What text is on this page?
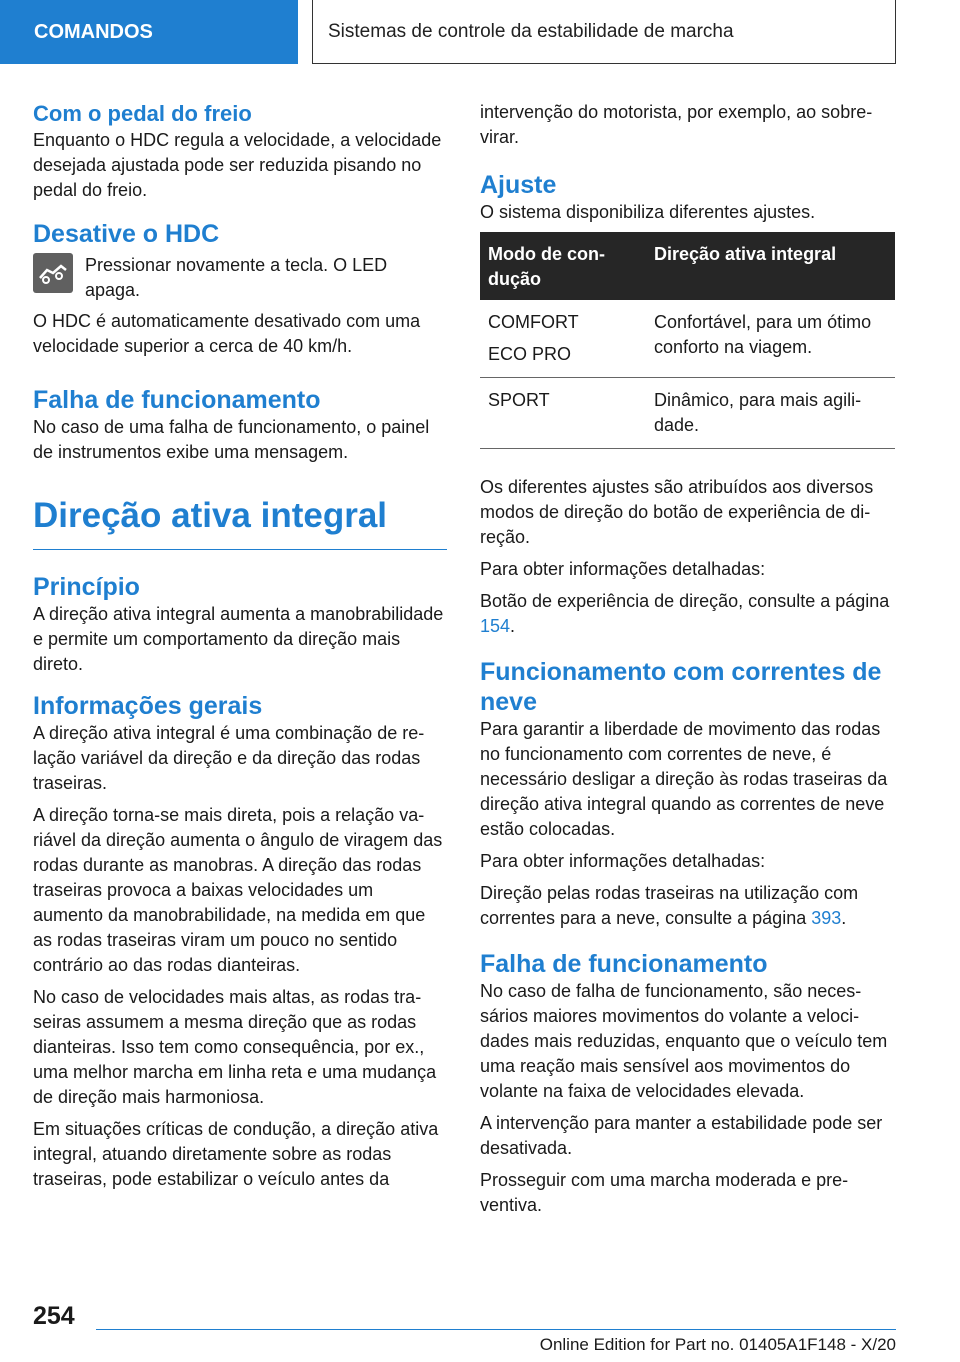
COMANDOS	Sistemas de controle da estabilidade de marcha
Com o pedal do freio

Enquanto o HDC regula a velocidade, a velocidade desejada ajustada pode ser reduzida pisando no pedal do freio.

Desative o HDC

Pressionar novamente a tecla. O LED apaga.

O HDC é automaticamente desativado com uma velocidade superior a cerca de 40 km/h.

Falha de funcionamento

No caso de uma falha de funcionamento, o painel de instrumentos exibe uma mensagem.

Direção ativa integral
Princípio

A direção ativa integral aumenta a manobrabilidade e permite um comportamento da direção mais direto.

Informações gerais

A direção ativa integral é uma combinação de relação variável da direção e da direção das rodas traseiras.

A direção torna-se mais direta, pois a relação variável da direção aumenta o ângulo de viragem das rodas durante as manobras. A direção das rodas traseiras provoca a baixas velocidades um aumento da manobrabilidade, na medida em que as rodas traseiras viram um pouco no sentido contrário ao das rodas dianteiras.

No caso de velocidades mais altas, as rodas traseiras assumem a mesma direção que as rodas dianteiras. Isso tem como consequência, por ex., uma melhor marcha em linha reta e uma mudança de direção mais harmoniosa.

Em situações críticas de condução, a direção ativa integral, atuando diretamente sobre as rodas traseiras, pode estabilizar o veículo antes da

intervenção do motorista, por exemplo, ao sobrevirar.

Ajuste

O sistema disponibiliza diferentes ajustes.

Modo de condução	Direção ativa integral

COMFORT
ECO PRO	Confortável, para um ótimo conforto na viagem.

SPORT	Dinâmico, para mais agilidade.

Os diferentes ajustes são atribuídos aos diversos modos de direção do botão de experiência de direção.

Para obter informações detalhadas:

Botão de experiência de direção, consulte a página 154.

Funcionamento com correntes de neve

Para garantir a liberdade de movimento das rodas no funcionamento com correntes de neve, é necessário desligar a direção às rodas traseiras da direção ativa integral quando as correntes de neve estão colocadas.

Para obter informações detalhadas:

Direção pelas rodas traseiras na utilização com correntes para a neve, consulte a página 393.

Falha de funcionamento

No caso de falha de funcionamento, são necessários maiores movimentos do volante a velocidades mais reduzidas, enquanto que o veículo tem uma reação mais sensível aos movimentos do volante na faixa de velocidades elevada.

A intervenção para manter a estabilidade pode ser desativada.

Prosseguir com uma marcha moderada e preventiva.

254
Online Edition for Part no. 01405A1F148 - X/20
